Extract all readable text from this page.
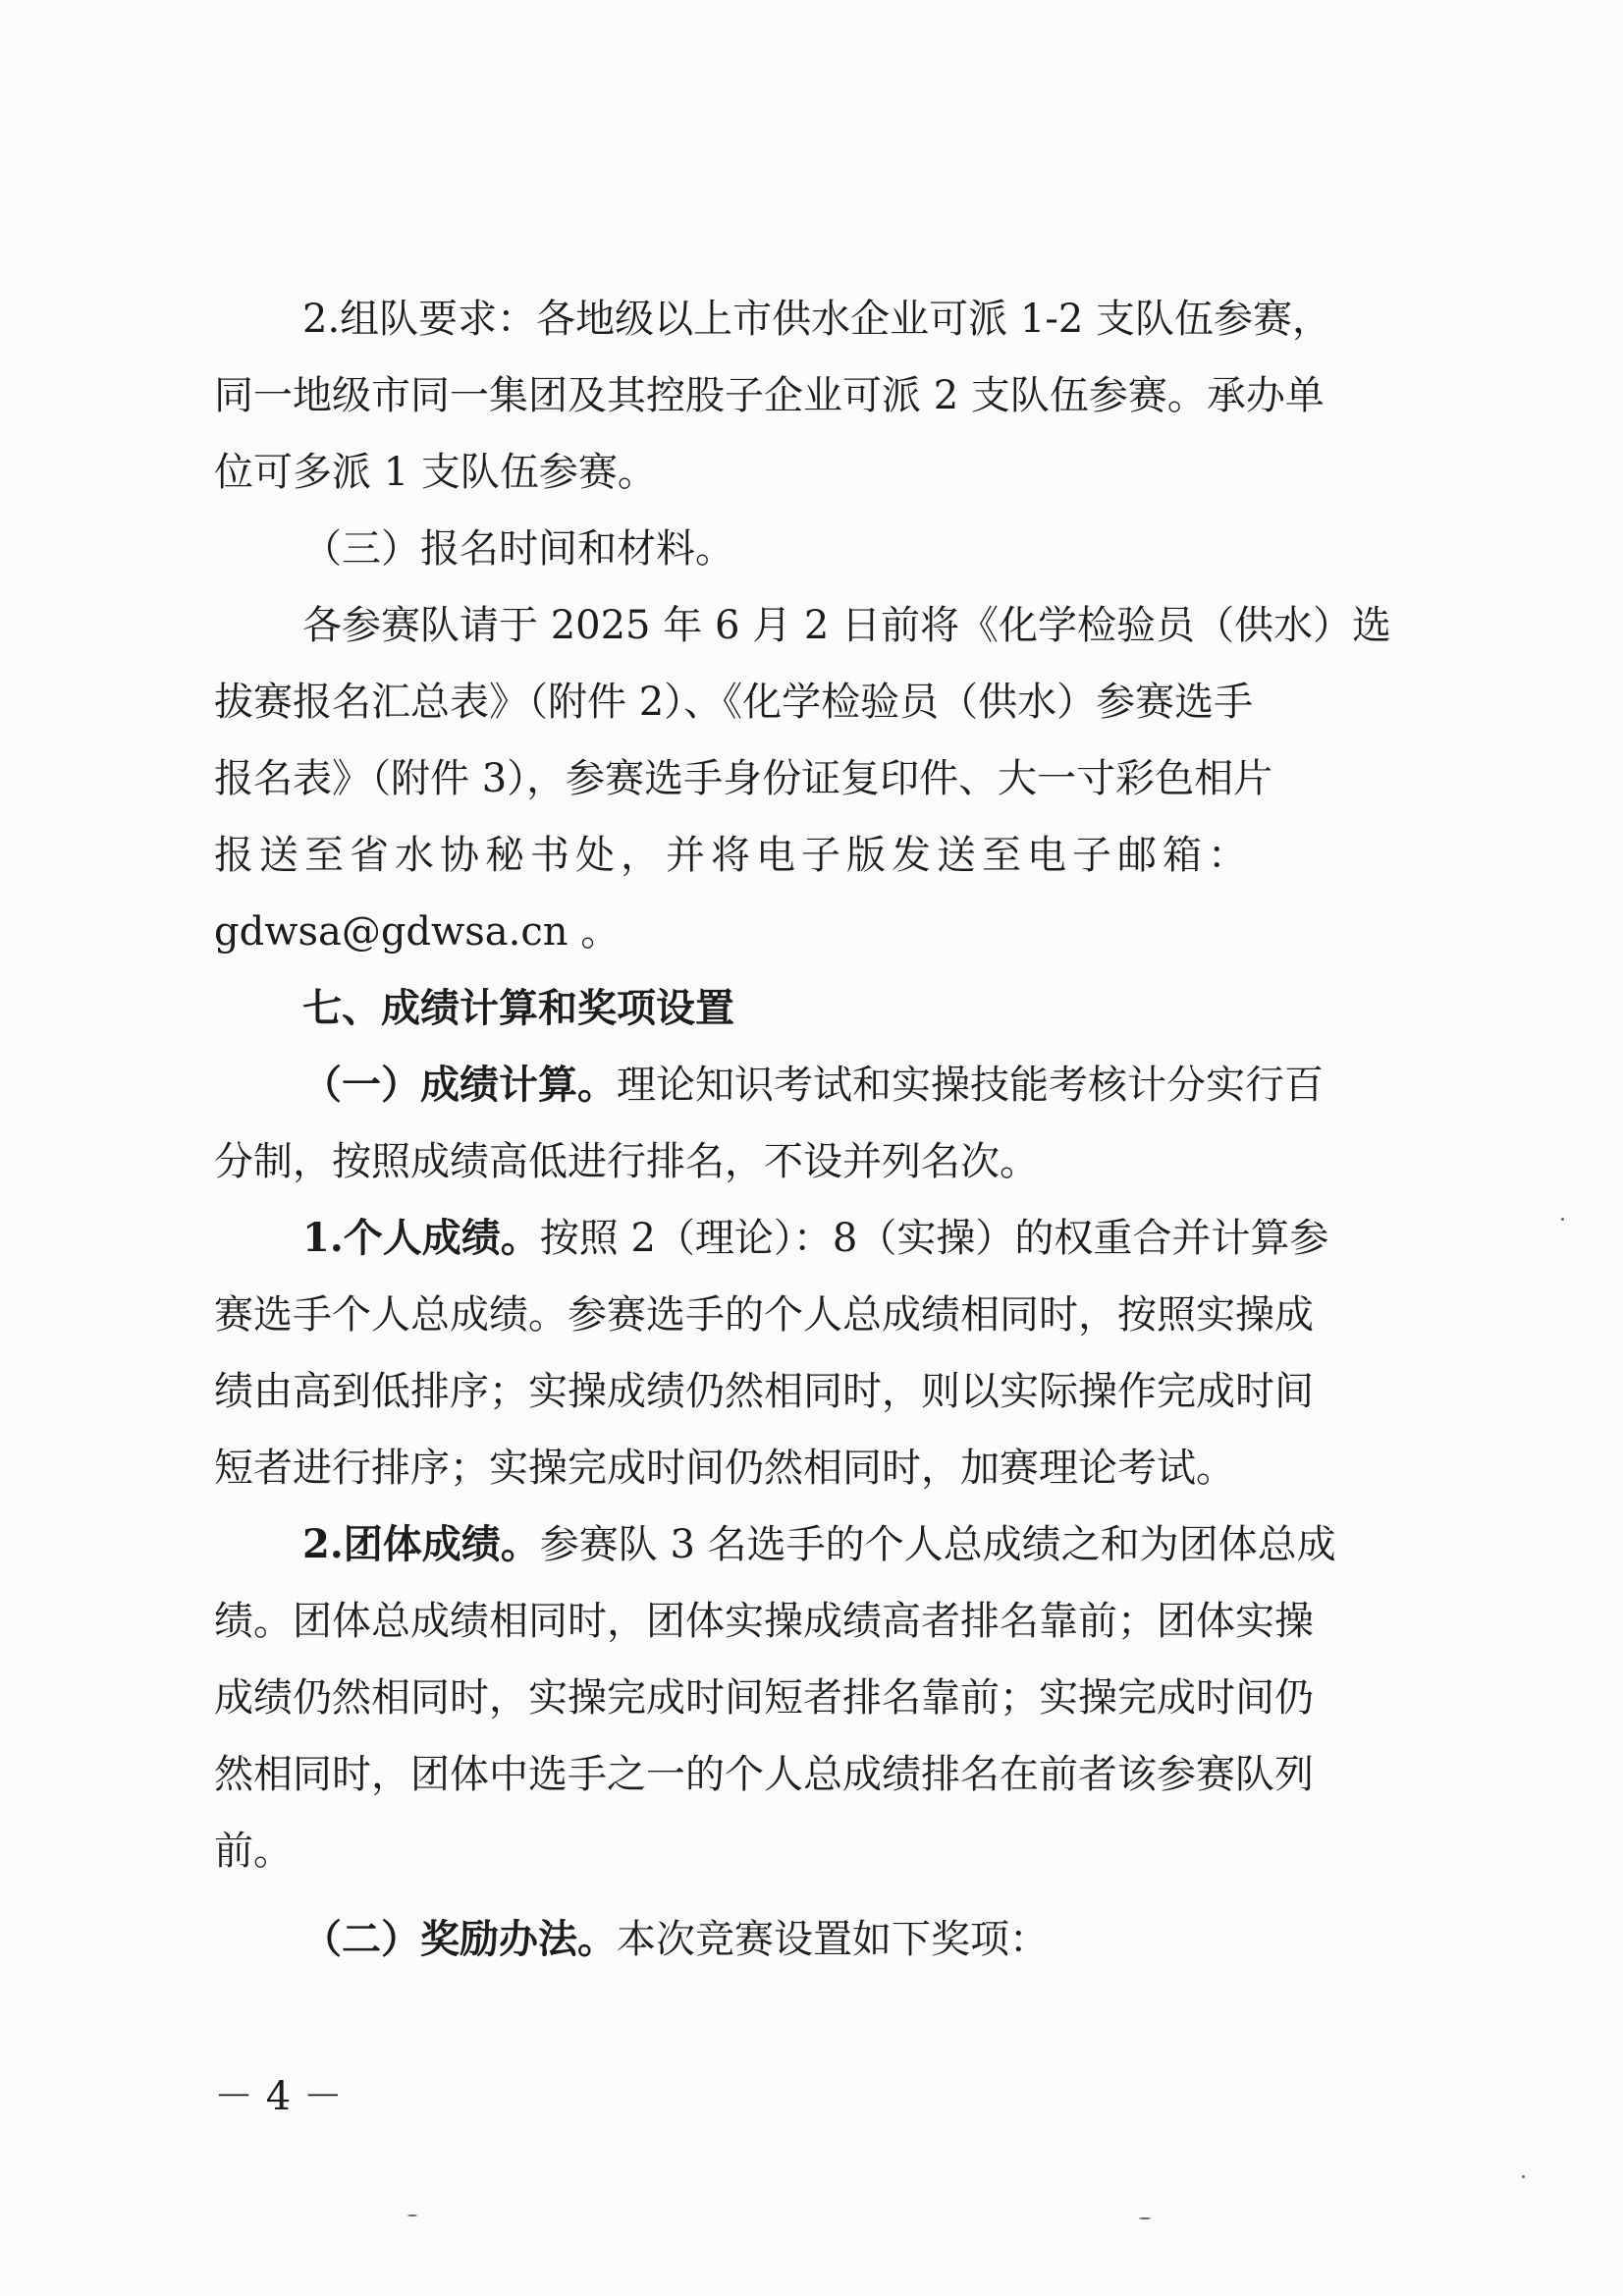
2.组队要求：各地级以上市供水企业可派 1-2 支队伍参赛，
同一地级市同一集团及其控股子企业可派 2 支队伍参赛。承办单
位可多派 1 支队伍参赛。
（三）报名时间和材料。
各参赛队请于 2025 年 6 月 2 日前将《化学检验员（供水）选
拔赛报名汇总表》（附件 2）、《化学检验员（供水）参赛选手
报名表》（附件 3），参赛选手身份证复印件、大一寸彩色相片
报送至省水协秘书处，并将电子版发送至电子邮箱：
gdwsa@gdwsa.cn 。
七、成绩计算和奖项设置
（一）成绩计算。理论知识考试和实操技能考核计分实行百
分制，按照成绩高低进行排名，不设并列名次。
1.个人成绩。按照 2（理论）：8（实操）的权重合并计算参
赛选手个人总成绩。参赛选手的个人总成绩相同时，按照实操成
绩由高到低排序；实操成绩仍然相同时，则以实际操作完成时间
短者进行排序；实操完成时间仍然相同时，加赛理论考试。
2.团体成绩。参赛队 3 名选手的个人总成绩之和为团体总成
绩。团体总成绩相同时，团体实操成绩高者排名靠前；团体实操
成绩仍然相同时，实操完成时间短者排名靠前；实操完成时间仍
然相同时，团体中选手之一的个人总成绩排名在前者该参赛队列
前。
（二）奖励办法。本次竞赛设置如下奖项：
－ 4 －
